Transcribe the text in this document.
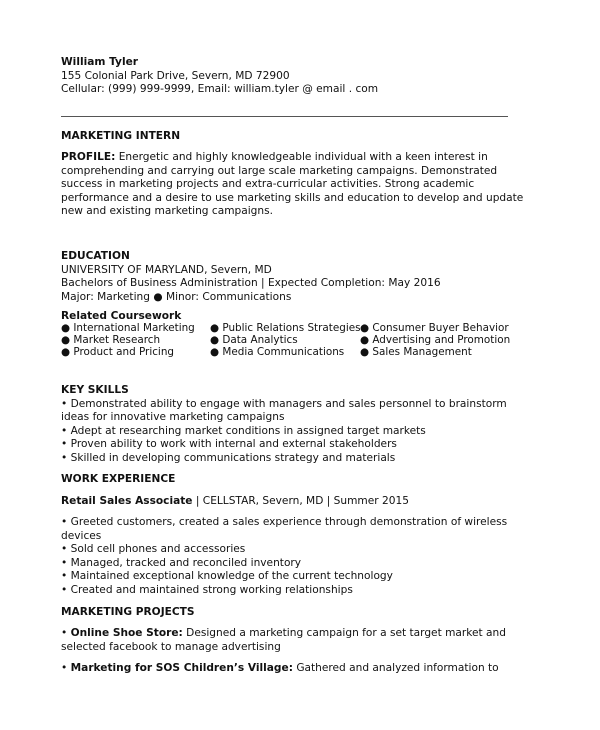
William Tyler
155 Colonial Park Drive, Severn, MD 72900
Cellular: (999) 999-9999, Email: william.tyler @ email . com
MARKETING INTERN
PROFILE: Energetic and highly knowledgeable individual with a keen interest in
comprehending and carrying out large scale marketing campaigns. Demonstrated
success in marketing projects and extra-curricular activities. Strong academic
performance and a desire to use marketing skills and education to develop and update
new and existing marketing campaigns.
EDUCATION
UNIVERSITY OF MARYLAND, Severn, MD
Bachelors of Business Administration | Expected Completion: May 2016
Major: Marketing ● Minor: Communications
Related Coursework
● International Marketing
● Market Research
● Product and Pricing
● Public Relations Strategies
● Data Analytics
● Media Communications
● Consumer Buyer Behavior
● Advertising and Promotion
● Sales Management
KEY SKILLS
• Demonstrated ability to engage with managers and sales personnel to brainstorm
ideas for innovative marketing campaigns
• Adept at researching market conditions in assigned target markets
• Proven ability to work with internal and external stakeholders
• Skilled in developing communications strategy and materials
WORK EXPERIENCE
Retail Sales Associate | CELLSTAR, Severn, MD | Summer 2015
• Greeted customers, created a sales experience through demonstration of wireless
devices
• Sold cell phones and accessories
• Managed, tracked and reconciled inventory
• Maintained exceptional knowledge of the current technology
• Created and maintained strong working relationships
MARKETING PROJECTS
• Online Shoe Store: Designed a marketing campaign for a set target market and
selected facebook to manage advertising
• Marketing for SOS Children’s Village: Gathered and analyzed information to
